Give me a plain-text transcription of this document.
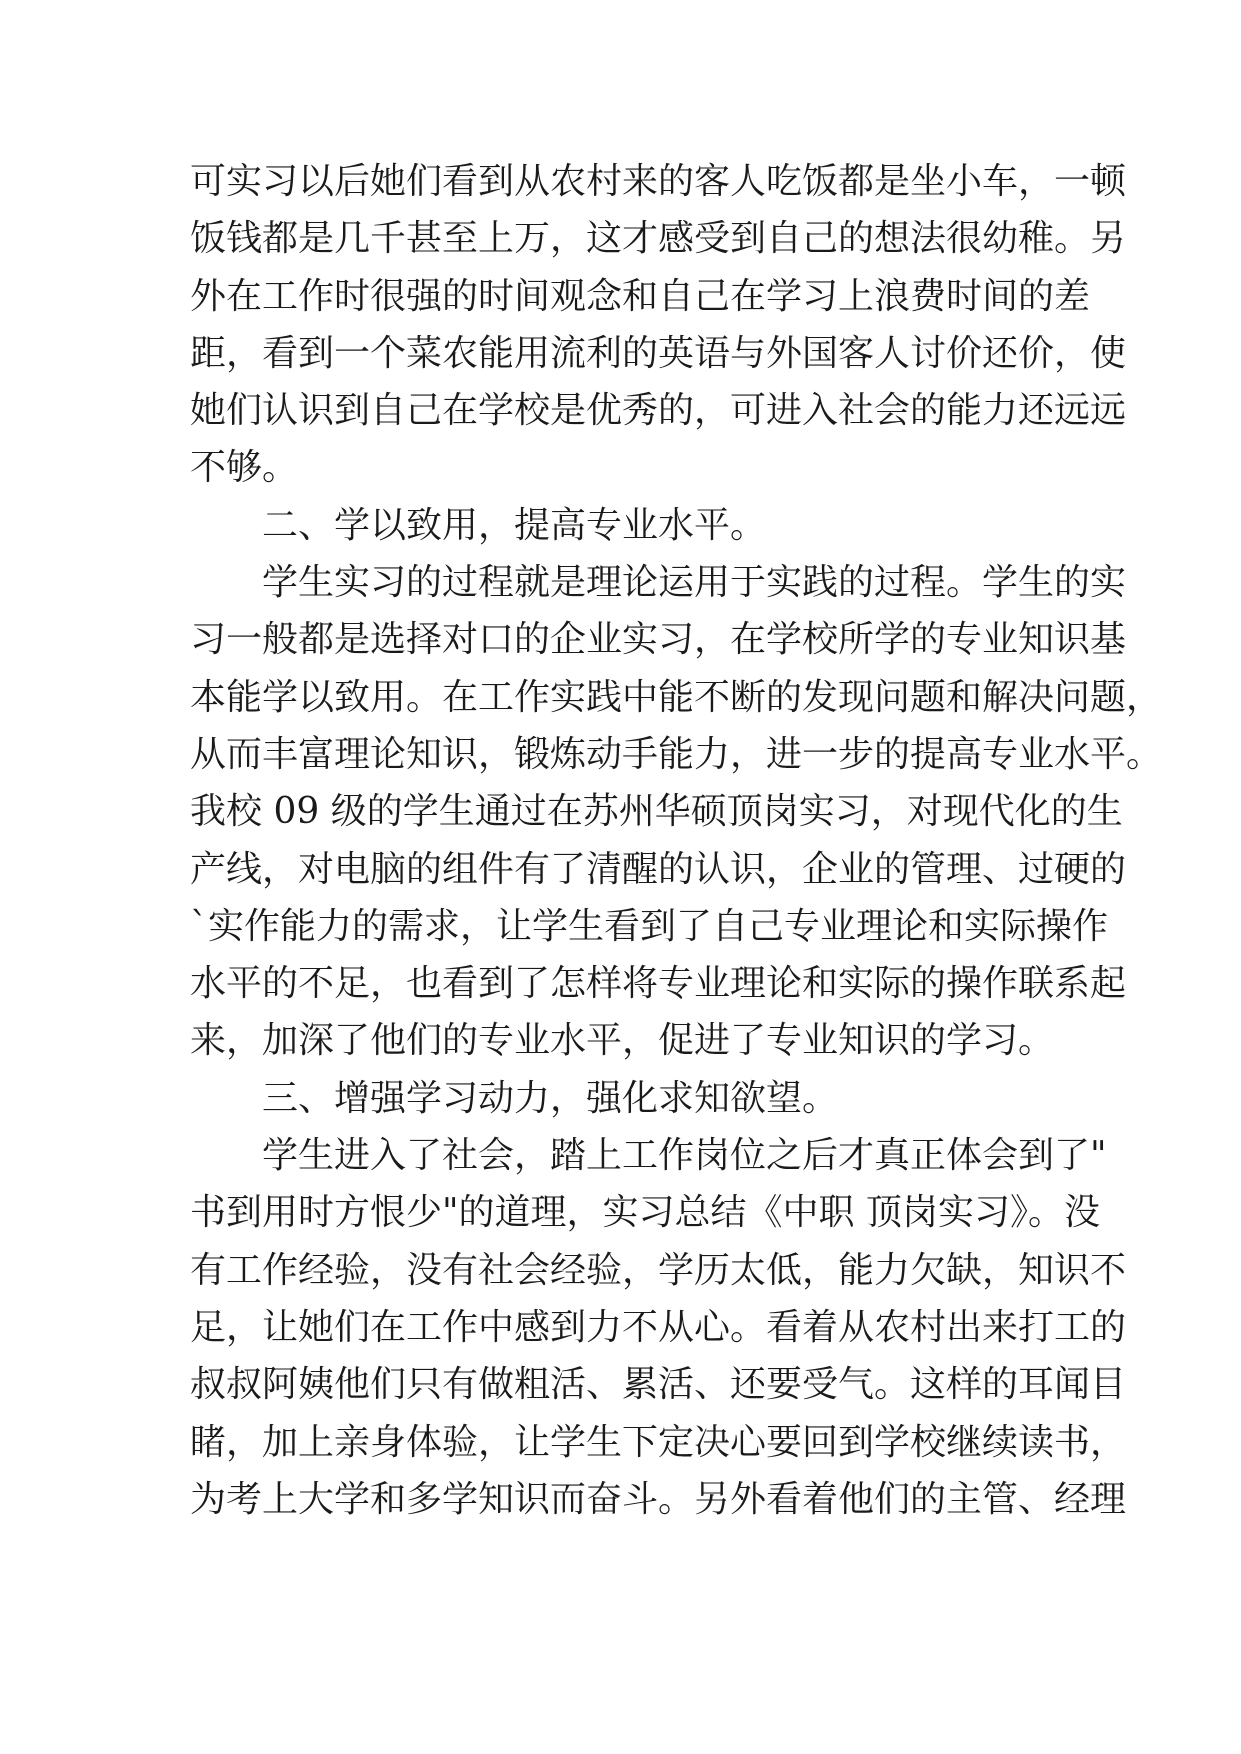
可实习以后她们看到从农村来的客人吃饭都是坐小车，一顿
饭钱都是几千甚至上万，这才感受到自己的想法很幼稚。另
外在工作时很强的时间观念和自己在学习上浪费时间的差
距，看到一个菜农能用流利的英语与外国客人讨价还价，使
她们认识到自己在学校是优秀的，可进入社会的能力还远远
不够。
二、学以致用，提高专业水平。
学生实习的过程就是理论运用于实践的过程。学生的实
习一般都是选择对口的企业实习，在学校所学的专业知识基
本能学以致用。在工作实践中能不断的发现问题和解决问题，
从而丰富理论知识，锻炼动手能力，进一步的提高专业水平。
我校 09 级的学生通过在苏州华硕顶岗实习，对现代化的生
产线，对电脑的组件有了清醒的认识，企业的管理、过硬的
`实作能力的需求，让学生看到了自己专业理论和实际操作
水平的不足，也看到了怎样将专业理论和实际的操作联系起
来，加深了他们的专业水平，促进了专业知识的学习。
三、增强学习动力，强化求知欲望。
学生进入了社会，踏上工作岗位之后才真正体会到了"
书到用时方恨少"的道理，实习总结《中职 顶岗实习》。没
有工作经验，没有社会经验，学历太低，能力欠缺，知识不
足，让她们在工作中感到力不从心。看着从农村出来打工的
叔叔阿姨他们只有做粗活、累活、还要受气。这样的耳闻目
睹，加上亲身体验，让学生下定决心要回到学校继续读书，
为考上大学和多学知识而奋斗。另外看着他们的主管、经理
